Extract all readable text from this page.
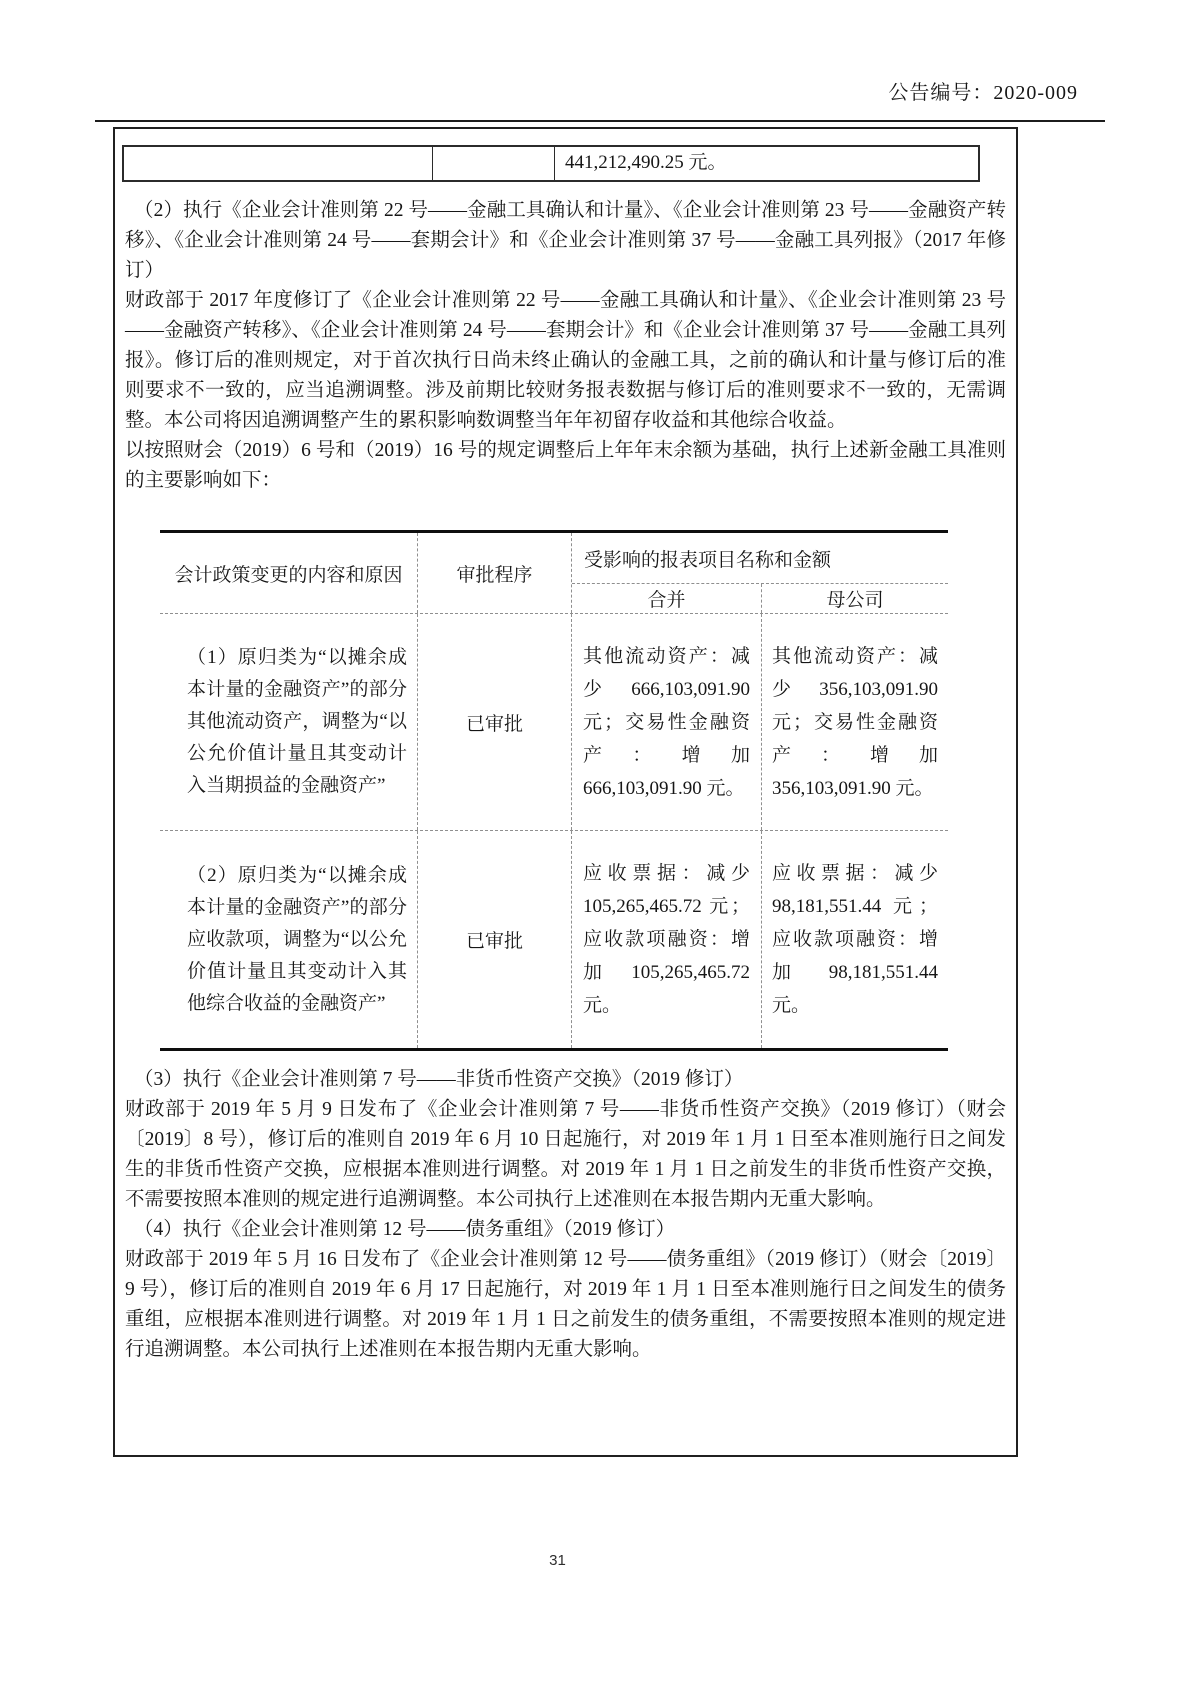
公告编号：2020-009
441,212,490.25 元。

（2）执行《企业会计准则第 22 号——金融工具确认和计量》、《企业会计准则第 23 号——金融资产转移》、《企业会计准则第 24 号——套期会计》和《企业会计准则第 37 号——金融工具列报》（2017 年修订）

财政部于 2017 年度修订了《企业会计准则第 22 号——金融工具确认和计量》、《企业会计准则第 23 号——金融资产转移》、《企业会计准则第 24 号——套期会计》和《企业会计准则第 37 号——金融工具列报》。修订后的准则规定，对于首次执行日尚未终止确认的金融工具，之前的确认和计量与修订后的准则要求不一致的，应当追溯调整。涉及前期比较财务报表数据与修订后的准则要求不一致的，无需调整。本公司将因追溯调整产生的累积影响数调整当年年初留存收益和其他综合收益。

以按照财会（2019）6 号和（2019）16 号的规定调整后上年年末余额为基础，执行上述新金融工具准则的主要影响如下：

会计政策变更的内容和原因	审批程序
受影响的报表项目名称和金额
合并	母公司
（1）原归类为“以摊余成本计量的金融资产”的部分其他流动资产，调整为“以公允价值计量且其变动计入当期损益的金融资产”
已审批
其他流动资产：减少 666,103,091.90 元；交易性金融资产：增加 666,103,091.90 元。
其他流动资产：减少 356,103,091.90 元；交易性金融资产：增加 356,103,091.90 元。
（2）原归类为“以摊余成本计量的金融资产”的部分应收款项，调整为“以公允价值计量且其变动计入其他综合收益的金融资产”
已审批
应收票据：减少 105,265,465.72 元；应收款项融资：增加 105,265,465.72 元。
应收票据：减少 98,181,551.44 元；应收款项融资：增加 98,181,551.44 元。

（3）执行《企业会计准则第 7 号——非货币性资产交换》（2019 修订）

财政部于 2019 年 5 月 9 日发布了《企业会计准则第 7 号——非货币性资产交换》（2019 修订）（财会〔2019〕8 号），修订后的准则自 2019 年 6 月 10 日起施行，对 2019 年 1 月 1 日至本准则施行日之间发生的非货币性资产交换，应根据本准则进行调整。对 2019 年 1 月 1 日之前发生的非货币性资产交换，不需要按照本准则的规定进行追溯调整。本公司执行上述准则在本报告期内无重大影响。

（4）执行《企业会计准则第 12 号——债务重组》（2019 修订）

财政部于 2019 年 5 月 16 日发布了《企业会计准则第 12 号——债务重组》（2019 修订）（财会〔2019〕9 号），修订后的准则自 2019 年 6 月 17 日起施行，对 2019 年 1 月 1 日至本准则施行日之间发生的债务重组，应根据本准则进行调整。对 2019 年 1 月 1 日之前发生的债务重组，不需要按照本准则的规定进行追溯调整。本公司执行上述准则在本报告期内无重大影响。

31
